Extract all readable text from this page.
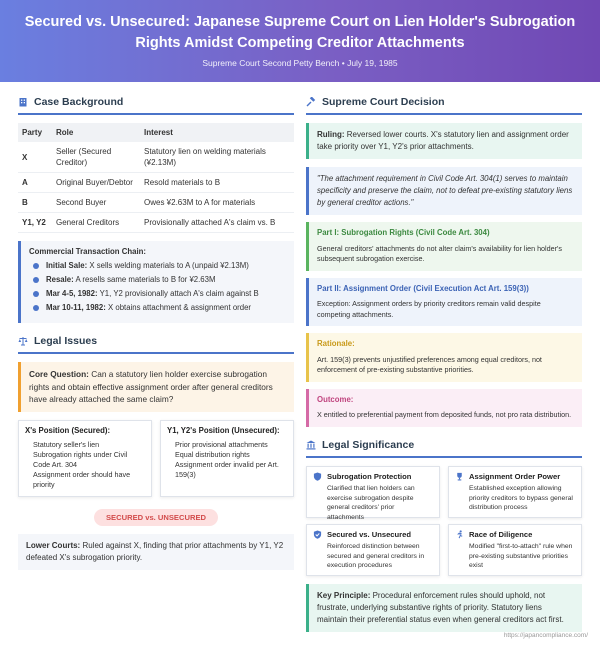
Secured vs. Unsecured: Japanese Supreme Court on Lien Holder's Subrogation Rights Amidst Competing Creditor Attachments
Supreme Court Second Petty Bench • July 19, 1985
Case Background
Party	Role	Interest
X	Seller (Secured Creditor)	Statutory lien on welding materials (¥2.13M)
A	Original Buyer/Debtor	Resold materials to B
B	Second Buyer	Owes ¥2.63M to A for materials
Y1, Y2	General Creditors	Provisionally attached A's claim vs. B
Commercial Transaction Chain:
Initial Sale: X sells welding materials to A (unpaid ¥2.13M)
Resale: A resells same materials to B for ¥2.63M
Mar 4-5, 1982: Y1, Y2 provisionally attach A's claim against B
Mar 10-11, 1982: X obtains attachment & assignment order
Legal Issues
Core Question: Can a statutory lien holder exercise subrogation rights and obtain effective assignment order after general creditors have already attached the same claim?
X's Position (Secured):
Statutory seller's lien
Subrogation rights under Civil Code Art. 304
Assignment order should have priority
Y1, Y2's Position (Unsecured):
Prior provisional attachments
Equal distribution rights
Assignment order invalid per Art. 159(3)
SECURED vs. UNSECURED
Lower Courts: Ruled against X, finding that prior attachments by Y1, Y2 defeated X's subrogation priority.
Supreme Court Decision
Ruling: Reversed lower courts. X's statutory lien and assignment order take priority over Y1, Y2's prior attachments.
"The attachment requirement in Civil Code Art. 304(1) serves to maintain specificity and preserve the claim, not to defeat pre-existing statutory liens by general creditor actions."
Part I: Subrogation Rights (Civil Code Art. 304)
General creditors' attachments do not alter claim's availability for lien holder's subsequent subrogation exercise.
Part II: Assignment Order (Civil Execution Act Art. 159(3))
Exception: Assignment orders by priority creditors remain valid despite competing attachments.
Rationale:
Art. 159(3) prevents unjustified preferences among equal creditors, not enforcement of pre-existing substantive priorities.
Outcome:
X entitled to preferential payment from deposited funds, not pro rata distribution.
Legal Significance
Subrogation Protection
Clarified that lien holders can exercise subrogation despite general creditors' prior attachments
Assignment Order Power
Established exception allowing priority creditors to bypass general distribution process
Secured vs. Unsecured
Reinforced distinction between secured and general creditors in execution procedures
Race of Diligence
Modified "first-to-attach" rule when pre-existing substantive priorities exist
Key Principle: Procedural enforcement rules should uphold, not frustrate, underlying substantive rights of priority. Statutory liens maintain their preferential status even when general creditors act first.
https://japancompliance.com/
